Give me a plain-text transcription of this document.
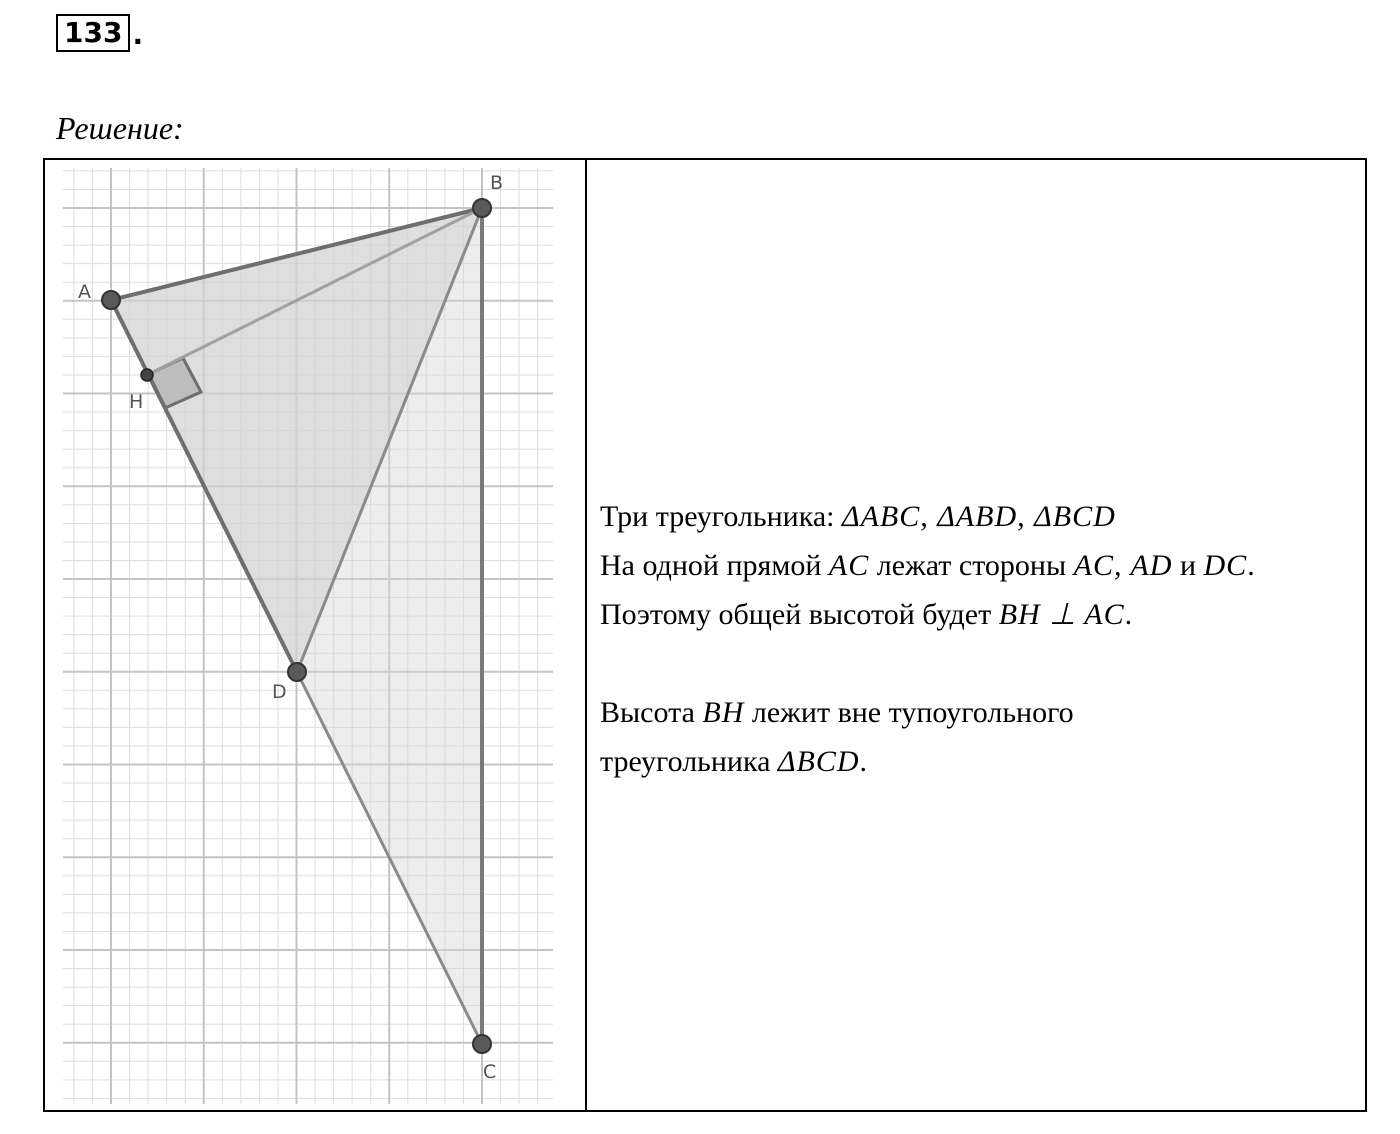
133 .
Решение:
A
B
C
D
H

Три треугольника: ΔABC, ΔABD, ΔBCD

На одной прямой AC лежат стороны AC, AD и DC.

Поэтому общей высотой будет BH ⊥ AC.

Высота BH лежит вне тупоугольного

треугольника ΔBCD.
